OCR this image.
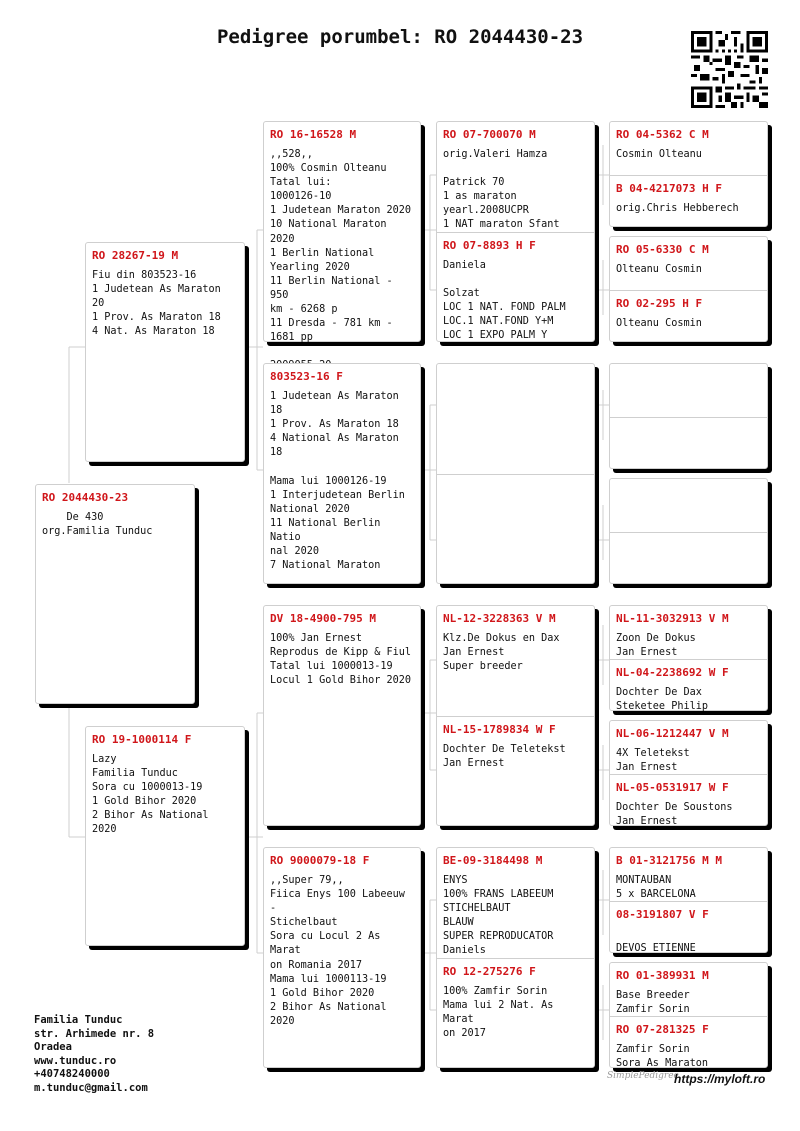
Pedigree porumbel: RO 2044430-23
RO 2044430-23
De 430
org.Familia Tunduc
RO 28267-19 M
Fiu din 803523-16
1 Judetean As Maraton 20
1 Prov. As Maraton 18
4 Nat. As Maraton 18
RO 19-1000114 F
Lazy
Familia Tunduc
Sora cu 1000013-19
1 Gold Bihor 2020
2 Bihor As National 2020
RO 16-16528 M
,,528,,
100% Cosmin Olteanu
Tatal lui:
1000126-10
1 Judetean Maraton 2020
10 National Maraton 2020
1 Berlin National
Yearling 2020
11 Berlin National - 950
km - 6268 p
11 Dresda - 781 km -
1681 pp

803523-16 F
1 Judetean As Maraton 18
1 Prov. As Maraton 18
4 National As Maraton 18

Mama lui 1000126-19
1 Interjudetean Berlin
National 2020
11 National Berlin Natio
nal 2020
7 National Maraton
DV 18-4900-795 M
100% Jan Ernest
Reprodus de Kipp & Fiul
Tatal lui 1000013-19
Locul 1 Gold Bihor 2020
RO 9000079-18 F
,,Super 79,,
Fiica Enys 100 Labeeuw -
Stichelbaut
Sora cu Locul 2 As Marat
on Romania 2017
Mama lui 1000113-19
1 Gold Bihor 2020
2 Bihor As National 2020
RO 07-700070 M
orig.Valeri Hamza

Patrick 70
1 as maraton
yearl.2008UCPR
1 NAT maraton Sfant
RO 07-8893 H F
Daniela

Solzat
LOC 1 NAT. FOND PALM
LOC.1 NAT.FOND Y+M
LOC 1 EXPO PALM Y
NL-12-3228363 V M
Klz.De Dokus en Dax
Jan Ernest
Super breeder
NL-15-1789834 W F
Dochter De Teletekst
Jan Ernest
BE-09-3184498 M
ENYS
100% FRANS LABEEUM
STICHELBAUT
BLAUW
SUPER REPRODUCATOR
Daniels
RO 12-275276 F
100% Zamfir Sorin
Mama lui 2 Nat. As Marat
on 2017
RO 04-5362 C M
Cosmin Olteanu
B 04-4217073 H F
orig.Chris Hebberech
RO 05-6330 C M
Olteanu Cosmin
RO 02-295 H F
Olteanu Cosmin
NL-11-3032913 V M
Zoon De Dokus
Jan Ernest
NL-04-2238692 W F
Dochter De Dax
Steketee Philip
NL-06-1212447 V M
4X Teletekst
Jan Ernest
NL-05-0531917 W F
Dochter De Soustons
Jan Ernest
B 01-3121756 M M
MONTAUBAN
5 x BARCELONA
08-3191807 V F

DEVOS ETIENNE
RO 01-389931 M
Base Breeder
Zamfir Sorin
RO 07-281325 F
Zamfir Sorin
Sora As Maraton
Familia Tunduc
str. Arhimede nr. 8
Oradea
www.tunduc.ro
+40748240000
m.tunduc@gmail.com
SimplePedigree
https://myloft.ro
